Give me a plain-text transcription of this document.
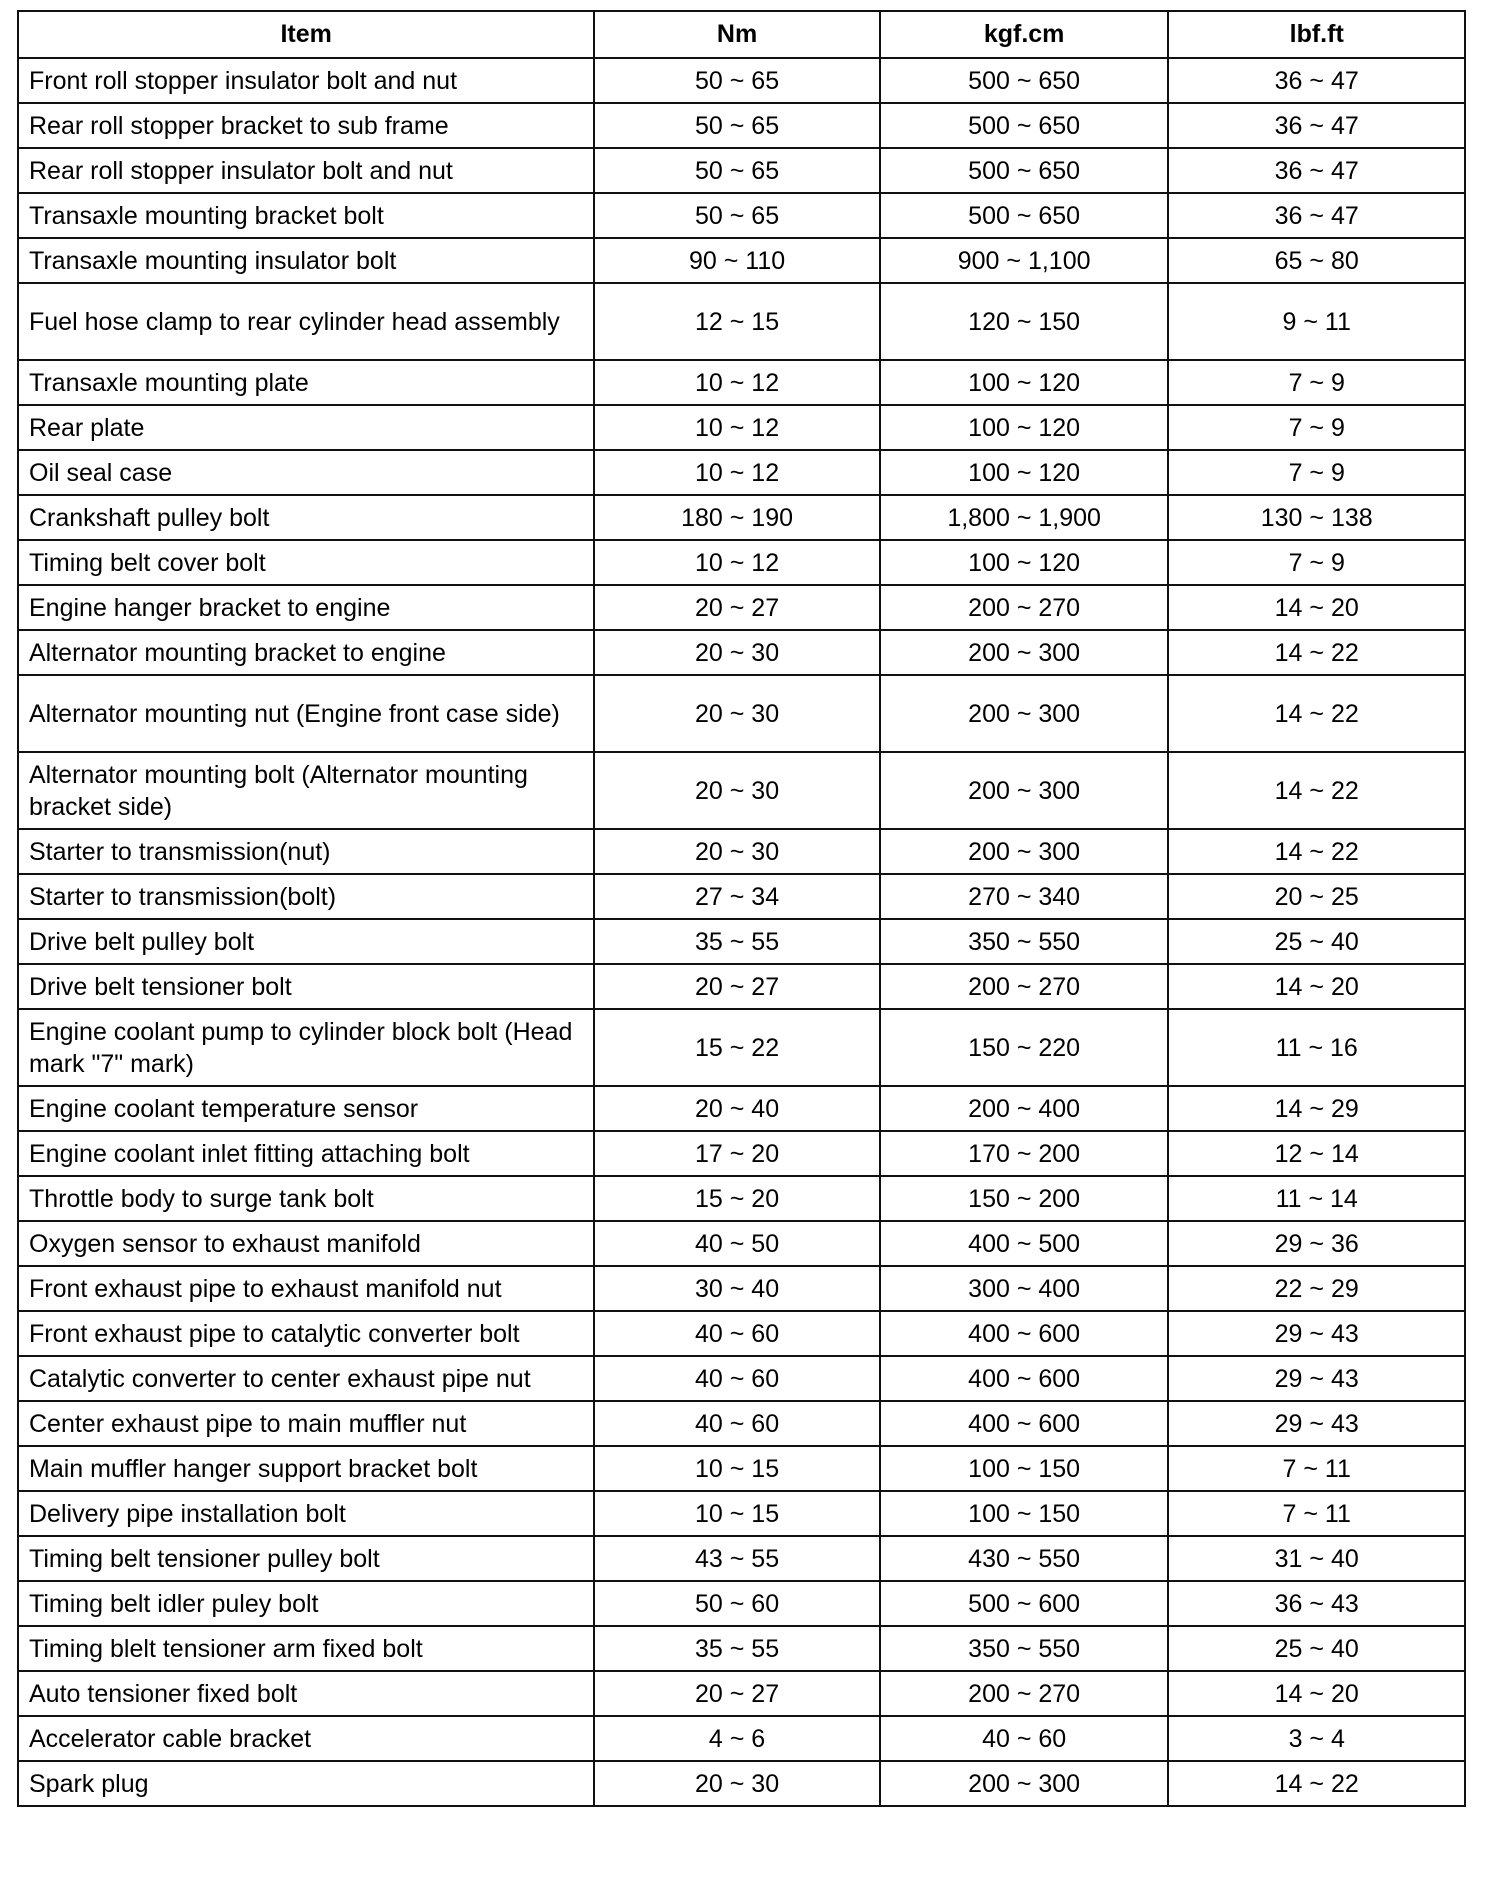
Item	Nm	kgf.cm	lbf.ft
Front roll stopper insulator bolt and nut	50 ~ 65	500 ~ 650	36 ~ 47
Rear roll stopper bracket to sub frame	50 ~ 65	500 ~ 650	36 ~ 47
Rear roll stopper insulator bolt and nut	50 ~ 65	500 ~ 650	36 ~ 47
Transaxle mounting bracket bolt	50 ~ 65	500 ~ 650	36 ~ 47
Transaxle mounting insulator bolt	90 ~ 110	900 ~ 1,100	65 ~ 80
Fuel hose clamp to rear cylinder head assembly	12 ~ 15	120 ~ 150	9 ~ 11
Transaxle mounting plate	10 ~ 12	100 ~ 120	7 ~ 9
Rear plate	10 ~ 12	100 ~ 120	7 ~ 9
Oil seal case	10 ~ 12	100 ~ 120	7 ~ 9
Crankshaft pulley bolt	180 ~ 190	1,800 ~ 1,900	130 ~ 138
Timing belt cover bolt	10 ~ 12	100 ~ 120	7 ~ 9
Engine hanger bracket to engine	20 ~ 27	200 ~ 270	14 ~ 20
Alternator mounting bracket to engine	20 ~ 30	200 ~ 300	14 ~ 22
Alternator mounting nut (Engine front case side)	20 ~ 30	200 ~ 300	14 ~ 22
Alternator mounting bolt (Alternator mounting bracket side)	20 ~ 30	200 ~ 300	14 ~ 22
Starter to transmission(nut)	20 ~ 30	200 ~ 300	14 ~ 22
Starter to transmission(bolt)	27 ~ 34	270 ~ 340	20 ~ 25
Drive belt pulley bolt	35 ~ 55	350 ~ 550	25 ~ 40
Drive belt tensioner bolt	20 ~ 27	200 ~ 270	14 ~ 20
Engine coolant pump to cylinder block bolt (Head mark "7" mark)	15 ~ 22	150 ~ 220	11 ~ 16
Engine coolant temperature sensor	20 ~ 40	200 ~ 400	14 ~ 29
Engine coolant inlet fitting attaching bolt	17 ~ 20	170 ~ 200	12 ~ 14
Throttle body to surge tank bolt	15 ~ 20	150 ~ 200	11 ~ 14
Oxygen sensor to exhaust manifold	40 ~ 50	400 ~ 500	29 ~ 36
Front exhaust pipe to exhaust manifold nut	30 ~ 40	300 ~ 400	22 ~ 29
Front exhaust pipe to catalytic converter bolt	40 ~ 60	400 ~ 600	29 ~ 43
Catalytic converter to center exhaust pipe nut	40 ~ 60	400 ~ 600	29 ~ 43
Center exhaust pipe to main muffler nut	40 ~ 60	400 ~ 600	29 ~ 43
Main muffler hanger support bracket bolt	10 ~ 15	100 ~ 150	7 ~ 11
Delivery pipe installation bolt	10 ~ 15	100 ~ 150	7 ~ 11
Timing belt tensioner pulley bolt	43 ~ 55	430 ~ 550	31 ~ 40
Timing belt idler puley bolt	50 ~ 60	500 ~ 600	36 ~ 43
Timing blelt tensioner arm fixed bolt	35 ~ 55	350 ~ 550	25 ~ 40
Auto tensioner fixed bolt	20 ~ 27	200 ~ 270	14 ~ 20
Accelerator cable bracket	4 ~ 6	40 ~ 60	3 ~ 4
Spark plug	20 ~ 30	200 ~ 300	14 ~ 22
